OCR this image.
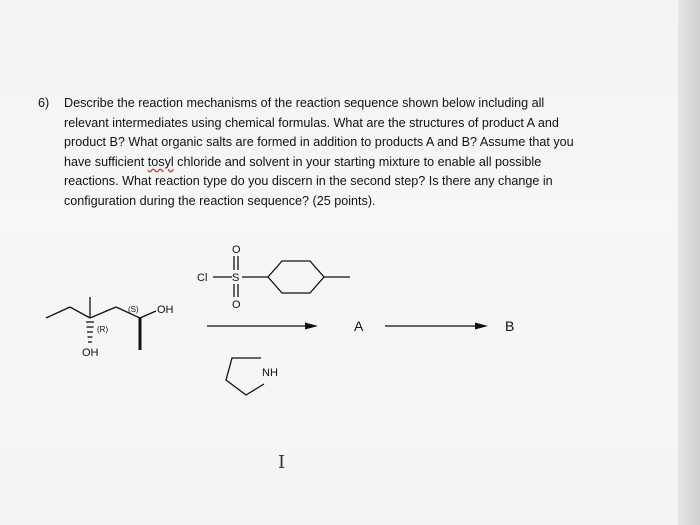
6) Describe the reaction mechanisms of the reaction sequence shown below including all
relevant intermediates using chemical formulas. What are the structures of product A and
product B? What organic salts are formed in addition to products A and B? Assume that you
have sufficient tosyl chloride and solvent in your starting mixture to enable all possible
reactions. What reaction type do you discern in the second step? Is there any change in
configuration during the reaction sequence? (25 points).
Cl S
O
O
(S) OH
(R)
OH
A	B
NH
I
